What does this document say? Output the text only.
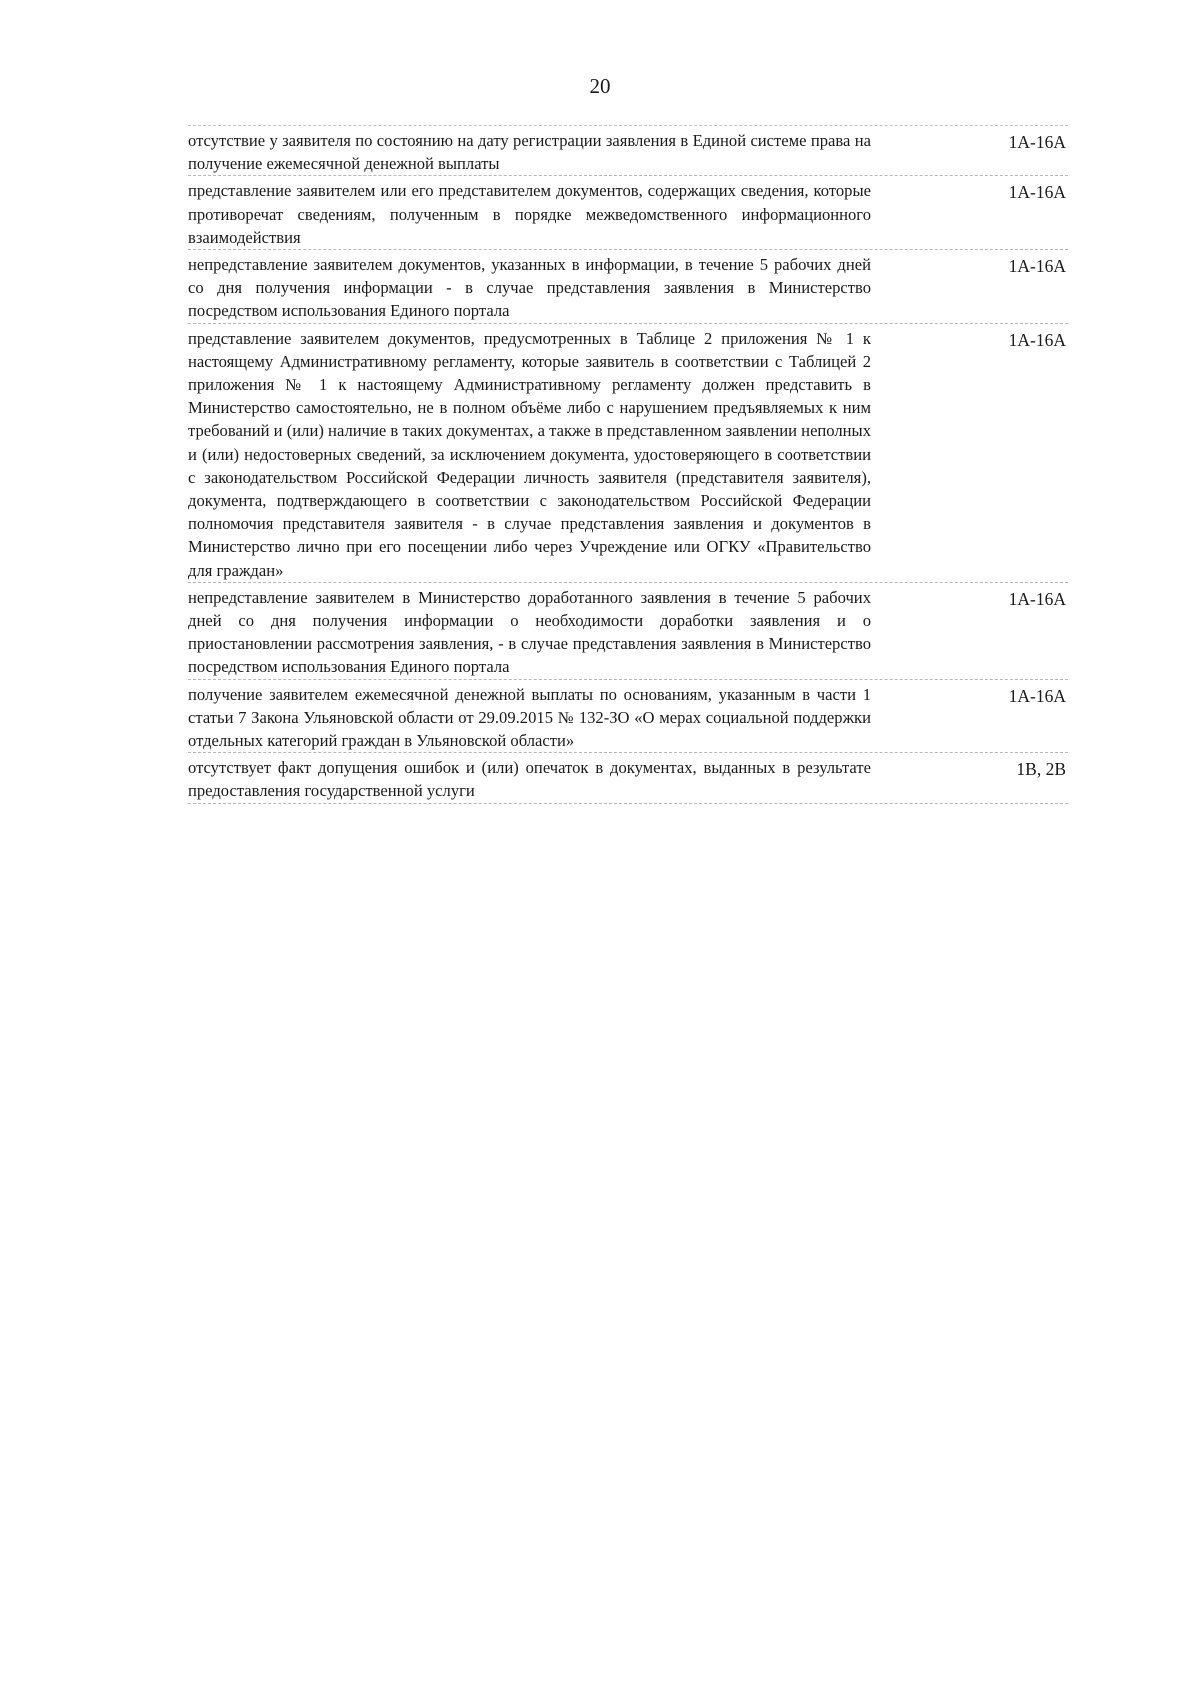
20
отсутствие у заявителя по состоянию на дату регистрации заявления в Единой системе права на получение ежемесячной денежной выплаты
1А-16А
представление заявителем или его представителем документов, содержащих сведения, которые противоречат сведениям, полученным в порядке межведомственного информационного взаимодействия
1А-16А
непредставление заявителем документов, указанных в информации, в течение 5 рабочих дней со дня получения информации - в случае представления заявления в Министерство посредством использования Единого портала
1А-16А
представление заявителем документов, предусмотренных в Таблице 2 приложения № 1 к настоящему Административному регламенту, которые заявитель в соответствии с Таблицей 2 приложения № 1 к настоящему Административному регламенту должен представить в Министерство самостоятельно, не в полном объёме либо с нарушением предъявляемых к ним требований и (или) наличие в таких документах, а также в представленном заявлении неполных и (или) недостоверных сведений, за исключением документа, удостоверяющего в соответствии с законодательством Российской Федерации личность заявителя (представителя заявителя), документа, подтверждающего в соответствии с законодательством Российской Федерации полномочия представителя заявителя - в случае представления заявления и документов в Министерство лично при его посещении либо через Учреждение или ОГКУ «Правительство для граждан»
1А-16А
непредставление заявителем в Министерство доработанного заявления в течение 5 рабочих дней со дня получения информации о необходимости доработки заявления и о приостановлении рассмотрения заявления, - в случае представления заявления в Министерство посредством использования Единого портала
1А-16А
получение заявителем ежемесячной денежной выплаты по основаниям, указанным в части 1 статьи 7 Закона Ульяновской области от 29.09.2015 № 132-ЗО «О мерах социальной поддержки отдельных категорий граждан в Ульяновской области»
1А-16А
отсутствует факт допущения ошибок и (или) опечаток в документах, выданных в результате предоставления государственной услуги
1В, 2В
